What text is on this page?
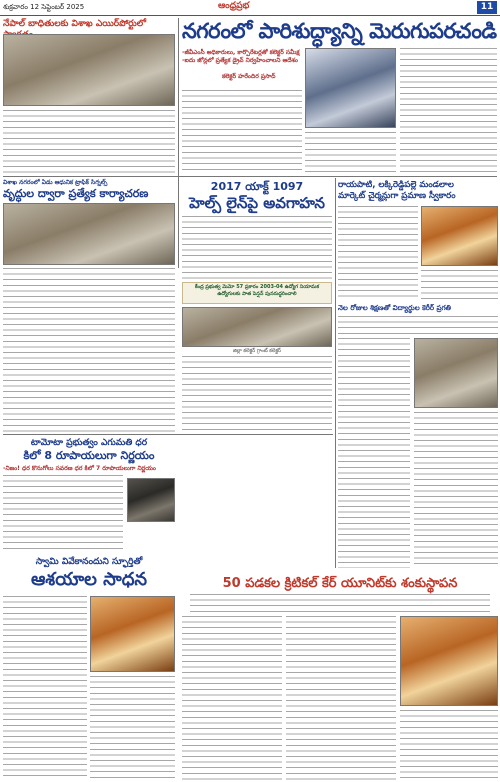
శుక్రవారం 12 సెప్టెంబర్ 2025	ఆంధ్రప్రభ	11
నేపాల్ బాధితులకు విశాఖ ఎయిర్‌పోర్టులో	నగరంలో పారిశుద్ధ్యాన్ని మెరుగుపరచండి
-జీవీఎంసీ అధికారులు, కార్పొరేటర్లతో కలెక్టర్ సమీక్ష
-ఐదు జోన్లలో ప్రత్యేక డ్రైవ్ నిర్వహించాలని ఆదేశం
కలెక్టర్ హరేందిర ప్రసాద్
విశాఖ నగరంలో ఏడు ఆధునిక ట్రాఫిక్ సిగ్నల్స్
వృద్ధుల ద్వారా ప్రత్యేక కార్యాచరణ
2017 యాక్ట్ 1097
హెల్ప్ లైన్‌పై అవగాహన
కేంద్ర ప్రభుత్వ మెమో 57 ప్రకారం 2003-04 ఉద్యోగ నియామక ఉద్యోగులకు పాత పెన్షన్ పునరుద్ధరించాలి
జిల్లా కలెక్టర్ గ్రాంట్ కలెక్టర్
రాయపాటి, లక్కిరెడ్డిపల్లె మండలాల
మార్కెట్ చైర్మన్లుగా ప్రమాణ స్వీకారం
నెల రోజుల శిక్షణతో విద్యార్థుల కెరీర్ ప్రగతి
టామోటా ప్రభుత్వం ఎగుమతి ధర
కిలో 8 రూపాయలుగా నిర్ణయం
-నిజం! ధర కొనుగోలు సవరణ ధర కిలో 7 రూపాయలుగా నిర్ణయం
స్వామి వివేకానందుని స్ఫూర్తితో
ఆశయాల సాధన	50 పడకల క్రిటికల్ కేర్ యూనిట్‌కు శంకుస్థాపన
